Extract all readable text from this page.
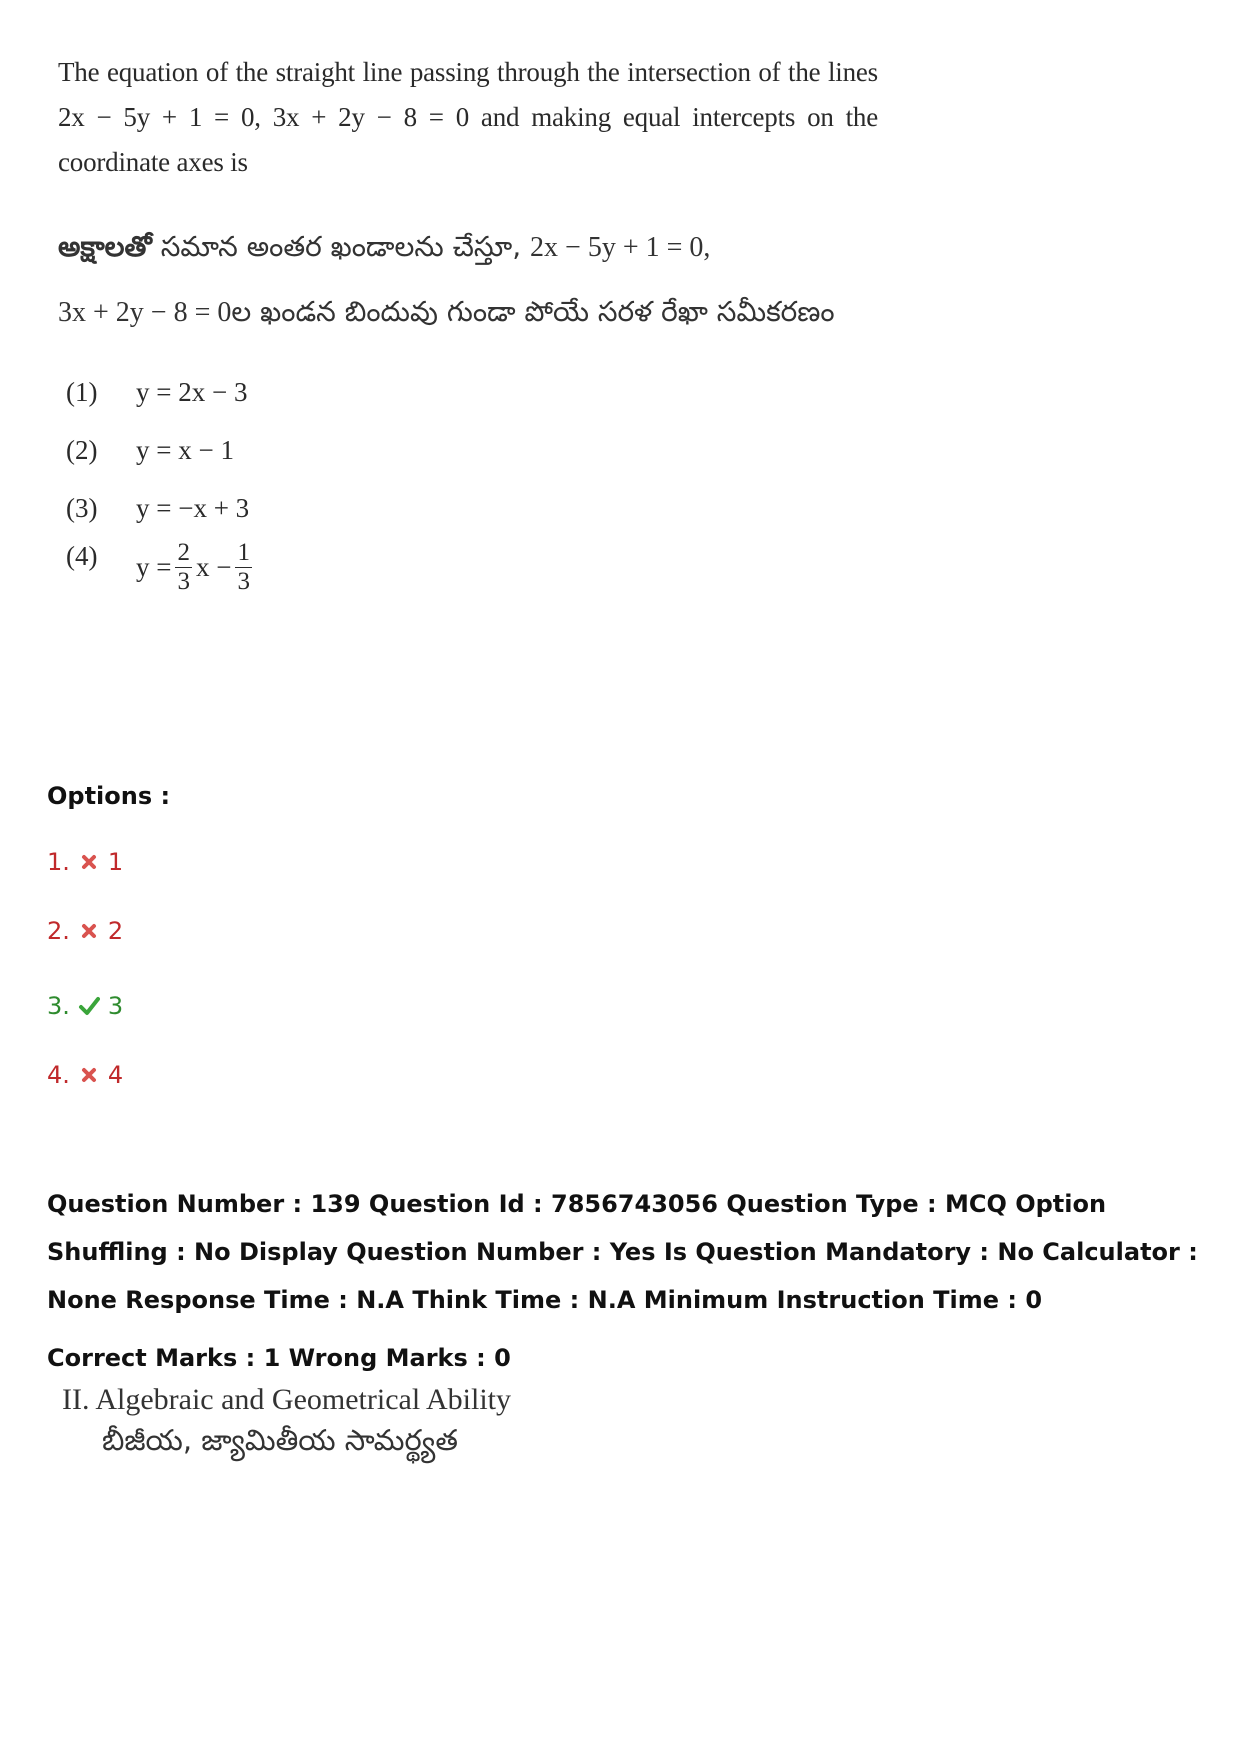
The equation of the straight line passing through the intersection of the lines 2x − 5y + 1 = 0, 3x + 2y − 8 = 0 and making equal intercepts on the coordinate axes is
అక్షాలతో సమాన అంతర ఖండాలను చేస్తూ, 2x − 5y + 1 = 0,
3x + 2y − 8 = 0ల ఖండన బిందువు గుండా పోయే సరళ రేఖా సమీకరణం
(1)	y = 2x − 3
(2)	y = x − 1
(3)	y = −x + 3
(4)	$y = \frac{2}{3}$ $x - \frac{1}{3}$
Options :
1. 1
2. 2
3. 3
4. 4
Question Number : 139 Question Id : 7856743056 Question Type : MCQ Option Shuffling : No Display Question Number : Yes Is Question Mandatory : No Calculator : None Response Time : N.A Think Time : N.A Minimum Instruction Time : 0
Correct Marks : 1 Wrong Marks : 0
II. Algebraic and Geometrical Ability
బీజీయ, జ్యామితీయ సామర్థ్యత
